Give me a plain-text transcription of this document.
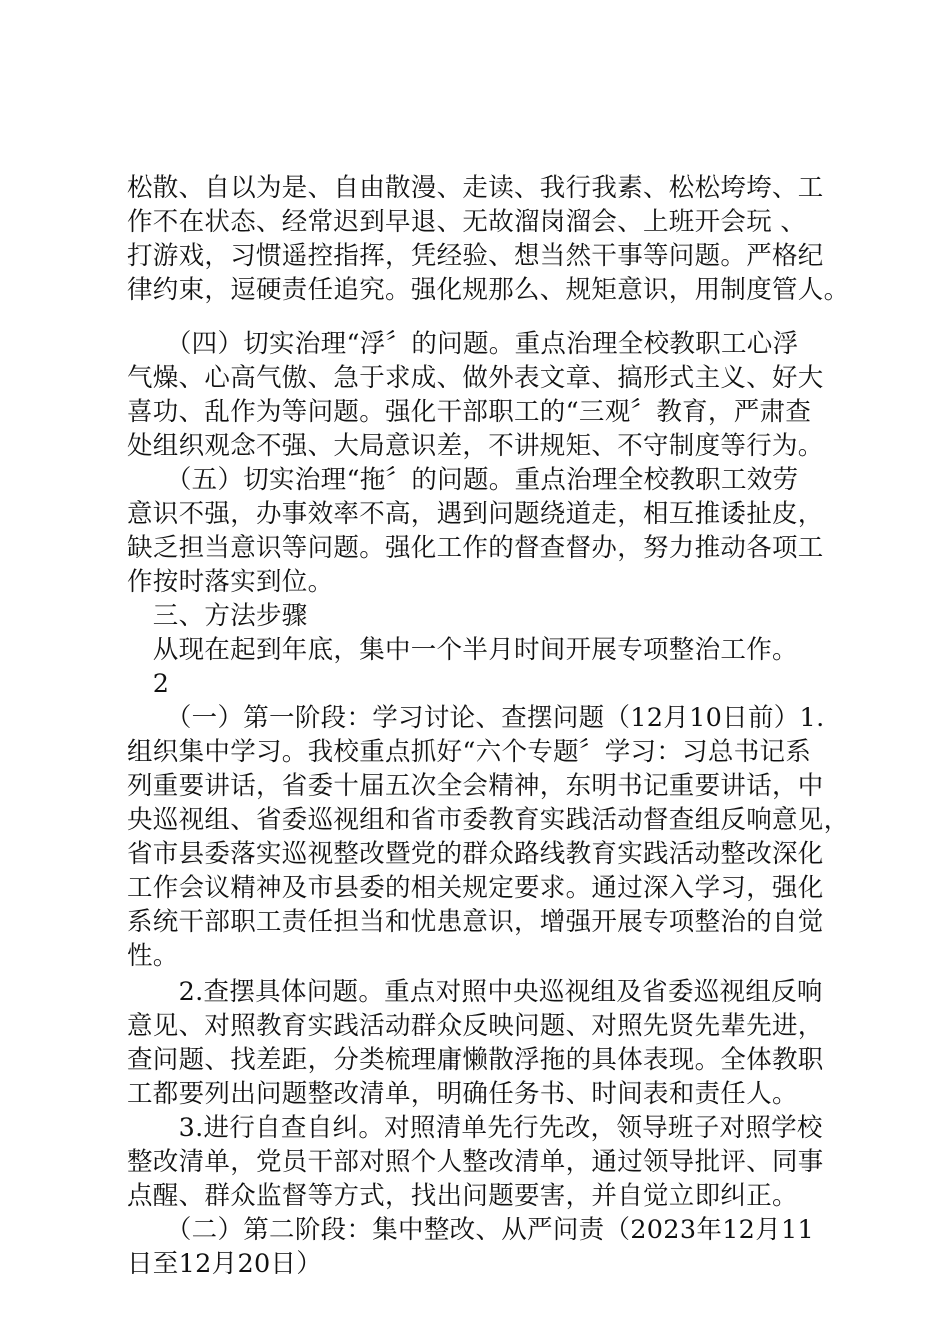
松散、自以为是、自由散漫、走读、我行我素、松松垮垮、工
作不在状态、经常迟到早退、无故溜岗溜会、上班开会玩 、
打游戏，习惯遥控指挥，凭经验、想当然干事等问题。严格纪
律约束，逗硬责任追究。强化规那么、规矩意识，用制度管人。
　　（四）切实治理“浮〞的问题。重点治理全校教职工心浮
气燥、心高气傲、急于求成、做外表文章、搞形式主义、好大
喜功、乱作为等问题。强化干部职工的“三观〞教育，严肃查
处组织观念不强、大局意识差，不讲规矩、不守制度等行为。
　　（五）切实治理“拖〞的问题。重点治理全校教职工效劳
意识不强，办事效率不高，遇到问题绕道走，相互推诿扯皮，
缺乏担当意识等问题。强化工作的督查督办，努力推动各项工
作按时落实到位。
　三、方法步骤
　从现在起到年底，集中一个半月时间开展专项整治工作。
　2
　　（一）第一阶段：学习讨论、查摆问题（12月10日前）1.
组织集中学习。我校重点抓好“六个专题〞学习：习总书记系
列重要讲话，省委十届五次全会精神，东明书记重要讲话，中
央巡视组、省委巡视组和省市委教育实践活动督查组反响意见，
省市县委落实巡视整改暨党的群众路线教育实践活动整改深化
工作会议精神及市县委的相关规定要求。通过深入学习，强化
系统干部职工责任担当和忧患意识，增强开展专项整治的自觉
性。
　　2.查摆具体问题。重点对照中央巡视组及省委巡视组反响
意见、对照教育实践活动群众反映问题、对照先贤先辈先进，
查问题、找差距，分类梳理庸懒散浮拖的具体表现。全体教职
工都要列出问题整改清单，明确任务书、时间表和责任人。
　　3.进行自查自纠。对照清单先行先改，领导班子对照学校
整改清单，党员干部对照个人整改清单，通过领导批评、同事
点醒、群众监督等方式，找出问题要害，并自觉立即纠正。
　　（二）第二阶段：集中整改、从严问责（2023年12月11
日至12月20日）
